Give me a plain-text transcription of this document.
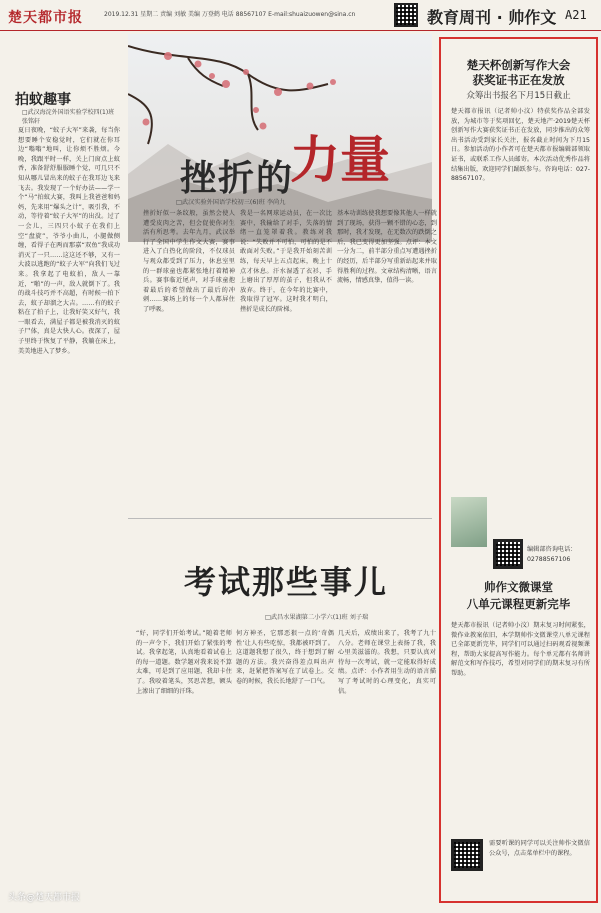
楚天都市报	2019.12.31 星期二 责编 刘敏 美编 万登鹤 电话 88567107 E-mail:shuaizuowen@sina.cn	教育周刊 · 帅作文 A21
拍蚊趣事
□武汉海淀外国语实验学校四(1)班 张铭轩
夏日夜晚，“蚊子大军”来袭，每当你想要睡个安稳觉时，它们就在你耳边“嗡嗡”地叫，让你烦不胜烦。今晚，我跟平时一样，关上门窗点上蚊香，准备舒舒服服睡个觉，可几只不知从哪儿冒出来的蚊子在我耳边飞来飞去。我发现了一个好办法——学一个“马“拍蚊大赛，我叫上我爸爸和妈妈，先来用“爆头之计”，吸引我，不动，等待着“蚊子大军”的出没。过了一会儿，三四只小蚊子在我们上空“盘旋”，爷爷小曲儿，小腿做侧缠，看得子在两而那嘉“双鱼”我成功消灭了一只……这这还不够，又有一大波以逃跑的“蚊子大军”向我们飞过来。我拿起了电蚊拍，敌人一靠近，“啪”的一声，敌人就倒下了。我的战斗技巧并不高超，有时候一拍下去，蚊子却溜之大吉。……有的蚊子粘在了拍子上，让我好笑又好气，我一眼看去，满屋子都是被我消灭的蚊子尸体，真是大快人心。夜深了，屋子里终于恢复了平静，我躺在床上，美美地进入了梦乡。
挫折的
力量
□武汉实验外国语学校初三(6)班 李尚九
挫折好似一条纹般，虽然会使人遭受皮肉之苦，但会促使你对生活有所思考。去年九月，武汉举行了全国中学生作文大赛，赛事进入了白热化的阶段，不仅球员与观众都受到了压力，休息室里的一群球童也都紧张地打着精神兵。赛事临近尾声，对手球童抱着最后的希望做出了最后的冲刺……赛场上的每一个人都屏住了呼吸。
我是一名网球运动员，在一次比赛中，我输给了对手，失落的情绪一直笼罩着我。教练对我说：“失败并不可怕，可怕的是不敢面对失败。”于是我开始刻苦训练，每天早上五点起床，晚上十点才休息。汗水湿透了衣衫，手上磨出了厚厚的茧子，但我从不放弃。终于，在今年的比赛中，我取得了冠军。这时我才明白，挫折是成长的阶梯。
基本功训练使我想要像其他人一样就到了现场，获得一颗不错的心态，到那时，我才发现，在无数次的跌倒之后，我已变得更加坚强。点评：本文一分为二，前半部分重点写遭遇挫折的经历，后半部分写重新站起来并取得胜利的过程。文章结构清晰，语言流畅，情感真挚，值得一读。
考试那些事儿
□武昌水果湖第二小学六(1)班 刘子瑞
“好，同学们开始考试。”随着老师的一声令下，我们开始了紧张的考试。我拿起笔，认真地看着试卷上的每一道题。数学题对我来说不算太难，可是到了应用题，我却卡住了。我咬着笔头，冥思苦想，额头上渗出了细细的汗珠。
何方神圣，它那恶狠一点的‘奇偶性’让人有些吃惊，我都被吓到了。这道题我想了很久，终于想到了解题的方法。我兴奋得差点叫出声来，赶紧把答案写在了试卷上。交卷的时候，我长长地舒了一口气。
几天后，成绩出来了，我考了九十八分。老师在课堂上表扬了我，我心里美滋滋的。我想，只要认真对待每一次考试，就一定能取得好成绩。点评：小作者用生动的语言描写了考试时的心理变化，真实可信。
楚天杯创新写作大会
获奖证书正在发放
众筹出书报名下月15日截止
楚天都市报讯（记者帅小汶）特获奖作品全部发放，为城市等于奖项回忆，楚天地产·2019楚天杯创新写作大赛获奖证书正在发放，同步推出的众筹出书活动受到家长关注，报名截止时间为下月15日。参加活动的小作者可在楚天都市报编辑部领取证书，或联系工作人员邮寄。本次活动优秀作品将结集出版，欢迎同学们踊跃参与。咨询电话：027-88567107。
编辑部咨询电话：
02788567106
帅作文微课堂
八单元课程更新完毕
楚天都市报讯（记者帅小汶）期末复习时间紧张，微作业教案依旧，本学期帅作文微课堂八单元课程已全部更新完毕，同学们可以通过扫码观看视频课程，帮助大家提高写作能力。每个单元都有名师讲解范文和写作技巧，希望对同学们的期末复习有所帮助。
需要听课的同学可以关注帅作文微信公众号，点击菜单栏中的课程。
头条@楚天都市报
